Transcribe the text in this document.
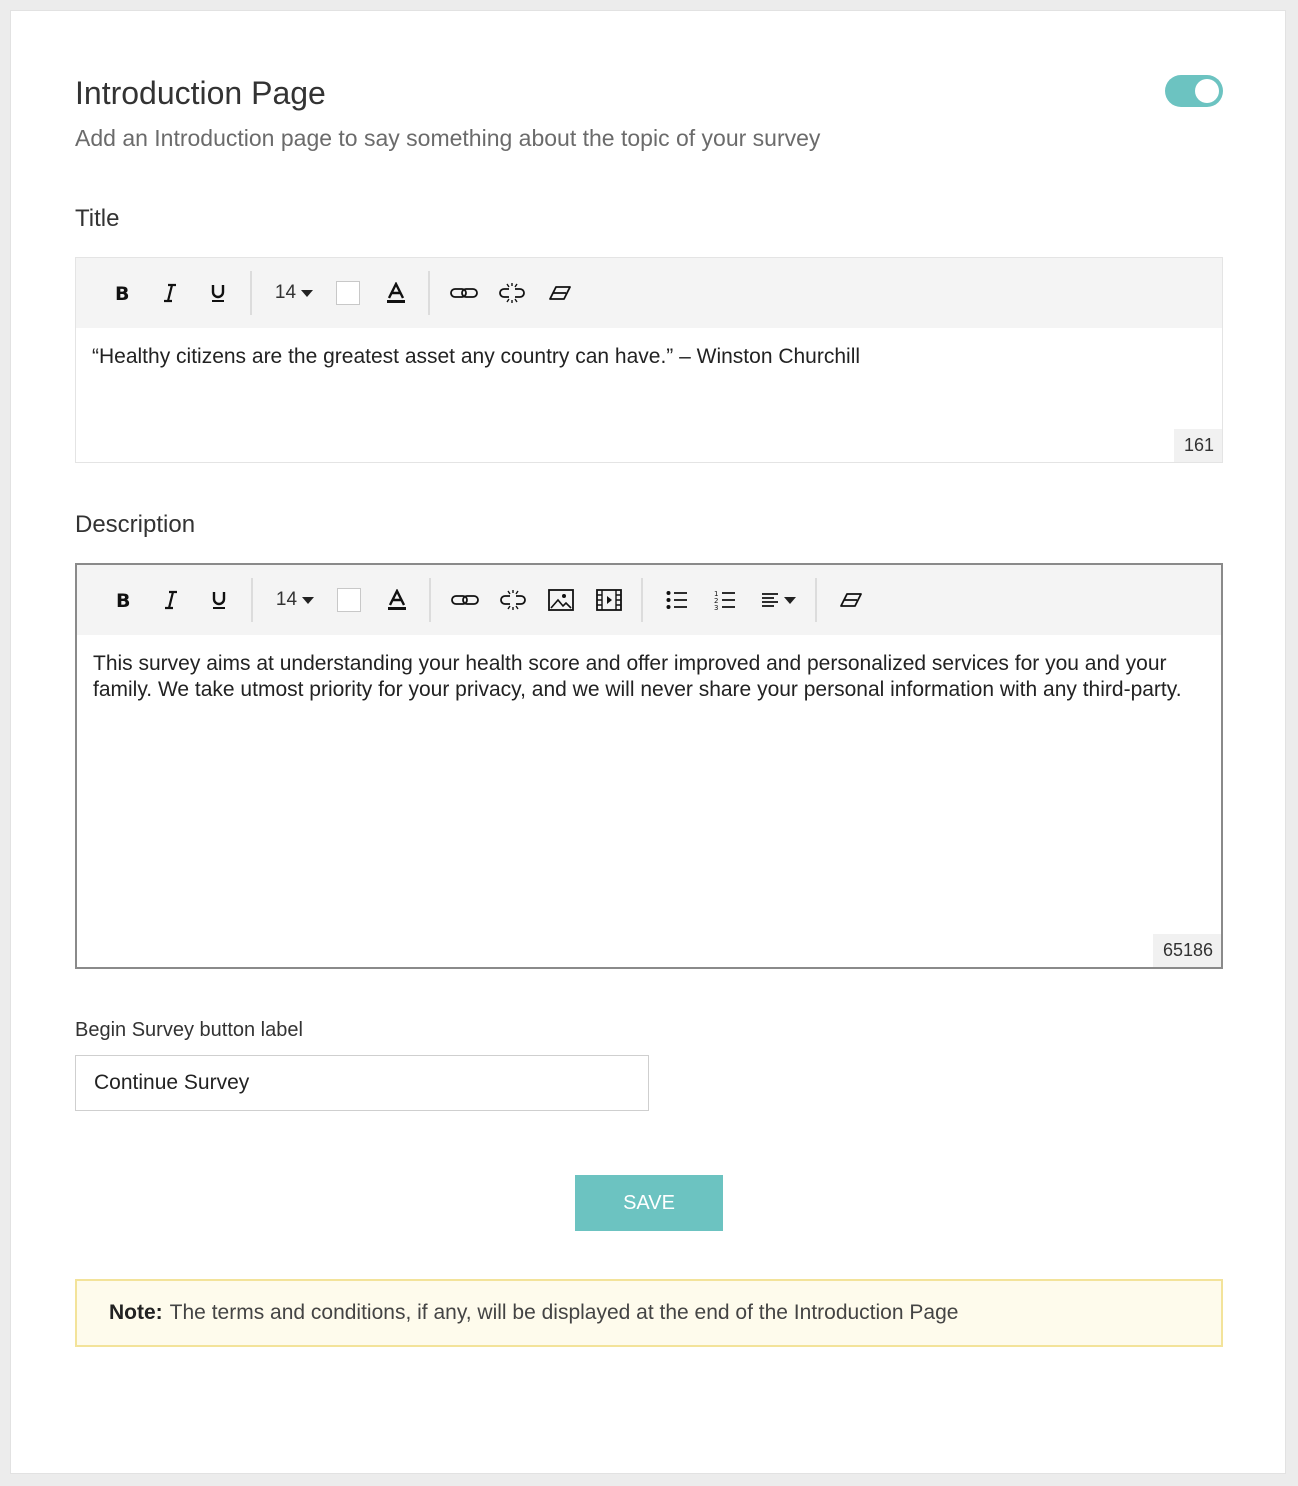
Introduction Page
Add an Introduction page to say something about the topic of your survey
Title
B	14
“Healthy citizens are the greatest asset any country can have.” – Winston Churchill
161
Description
B	14	1
2
3
This survey aims at understanding your health score and offer improved and personalized services for you and your family. We take utmost priority for your privacy, and we will never share your personal information with any third-party.
65186
Begin Survey button label
Continue Survey
SAVE
Note: The terms and conditions, if any, will be displayed at the end of the Introduction Page
